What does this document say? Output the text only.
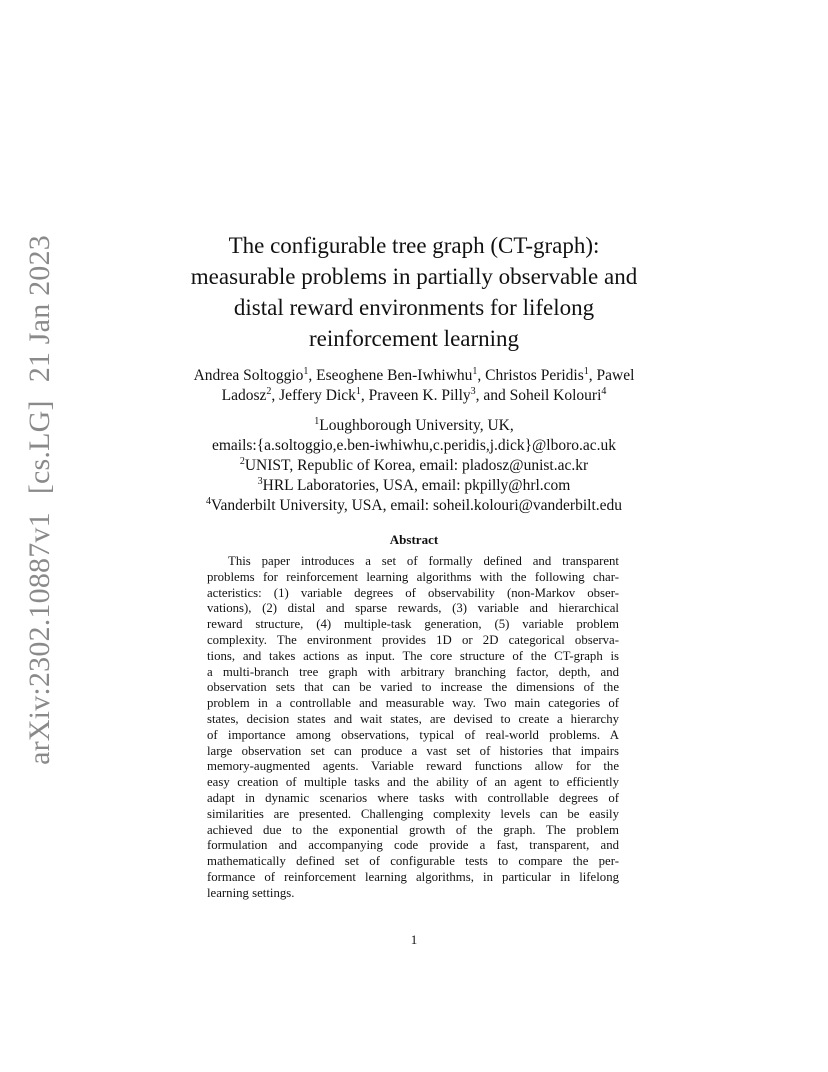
arXiv:2302.10887v1[cs.LG]21 Jan 2023	The configurable tree graph (CT-graph):
measurable problems in partially observable and
distal reward environments for lifelong
reinforcement learning
Andrea Soltoggio$^1$, Eseoghene Ben-Iwhiwhu$^1$, Christos Peridis$^1$, Pawel
Ladosz$^2$, Jeffery Dick$^1$, Praveen K. Pilly$^3$, and Soheil Kolouri$^4$
$^1$Loughborough University, UK,
emails:{a.soltoggio,e.ben-iwhiwhu,c.peridis,j.dick}@lboro.ac.uk
$^2$UNIST, Republic of Korea, email: pladosz@unist.ac.kr
$^3$HRL Laboratories, USA, email: pkpilly@hrl.com
$^4$Vanderbilt University, USA, email: soheil.kolouri@vanderbilt.edu
Abstract
This paper introduces a set of formally defined and transparent
problems for reinforcement learning algorithms with the following char-
acteristics: (1) variable degrees of observability (non-Markov obser-
vations), (2) distal and sparse rewards, (3) variable and hierarchical
reward structure, (4) multiple-task generation, (5) variable problem
complexity. The environment provides 1D or 2D categorical observa-
tions, and takes actions as input. The core structure of the CT-graph is
a multi-branch tree graph with arbitrary branching factor, depth, and
observation sets that can be varied to increase the dimensions of the
problem in a controllable and measurable way. Two main categories of
states, decision states and wait states, are devised to create a hierarchy
of importance among observations, typical of real-world problems. A
large observation set can produce a vast set of histories that impairs
memory-augmented agents. Variable reward functions allow for the
easy creation of multiple tasks and the ability of an agent to efficiently
adapt in dynamic scenarios where tasks with controllable degrees of
similarities are presented. Challenging complexity levels can be easily
achieved due to the exponential growth of the graph. The problem
formulation and accompanying code provide a fast, transparent, and
mathematically defined set of configurable tests to compare the per-
formance of reinforcement learning algorithms, in particular in lifelong
learning settings.
1
